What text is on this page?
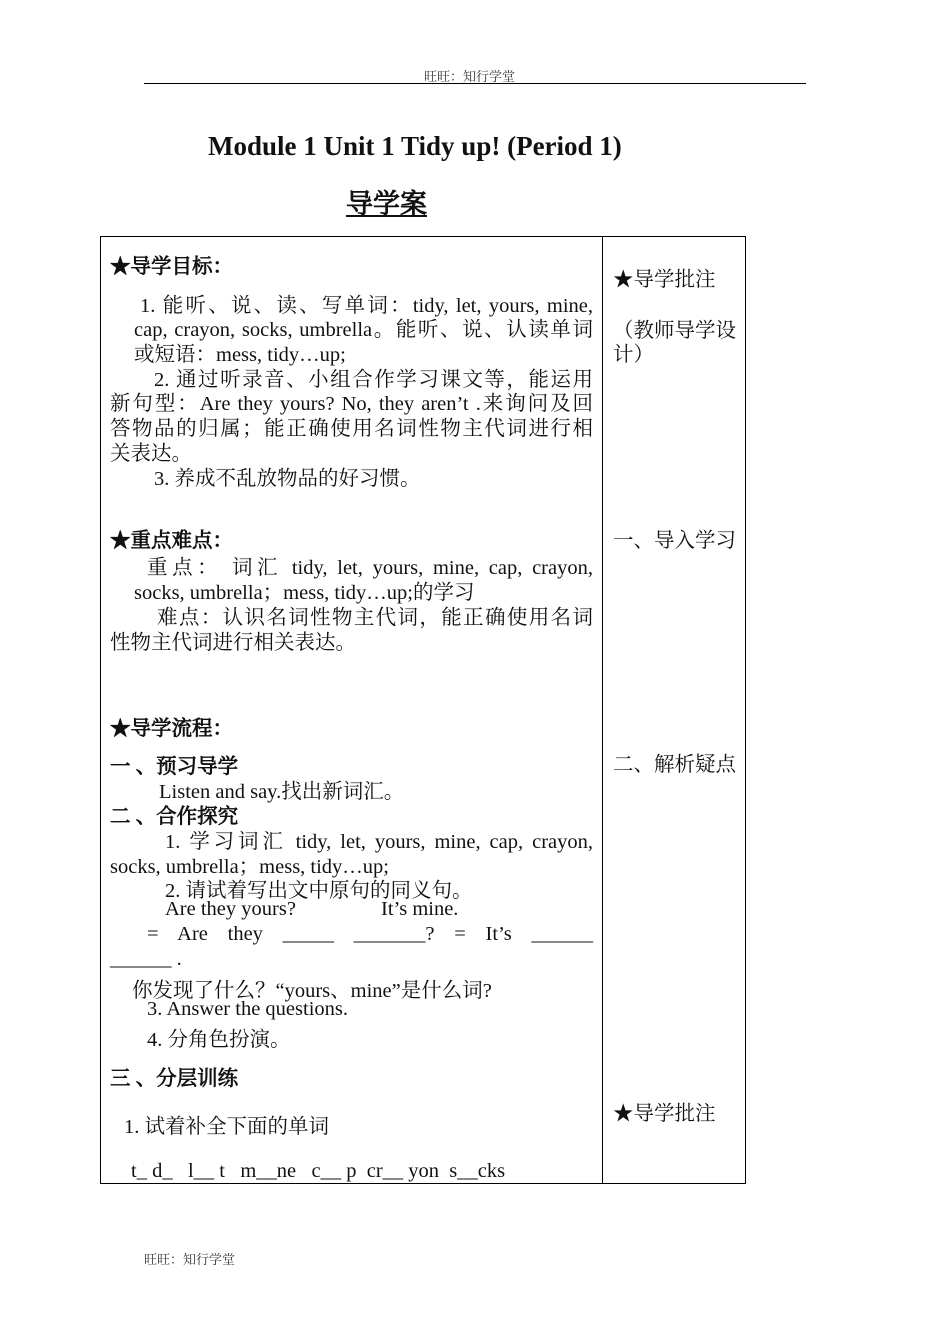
旺旺：知行学堂
Module 1 Unit 1 Tidy up! (Period 1)
导学案
★导学目标：
1. 能听、说、读、写单词：tidy, let, yours, mine,
cap, crayon, socks, umbrella。能听、说、认读单词
或短语：mess, tidy…up;
2. 通过听录音、小组合作学习课文等，能运用
新句型：Are they yours? No, they aren’t .来询问及回
答物品的归属；能正确使用名词性物主代词进行相
关表达。
3. 养成不乱放物品的好习惯。
★重点难点：
重点： 词汇 tidy, let, yours, mine, cap, crayon,
socks, umbrella；mess, tidy…up;的学习
难点：认识名词性物主代词，能正确使用名词
性物主代词进行相关表达。
★导学流程：
一 、预习导学
Listen and say.找出新词汇。
二 、合作探究
1. 学习词汇 tidy, let, yours, mine, cap, crayon,
socks, umbrella；mess, tidy…up;
2. 请试着写出文中原句的同义句。
Are they yours?	It’s mine.
= Are they _____ _______? = It’s ______
______ .
你发现了什么？“yours、mine”是什么词?
3. Answer the questions.
4. 分角色扮演。
三 、分层训练
1. 试着补全下面的单词
t_ d_   l__ t   m__ne   c__ p  cr__ yon  s__cks
★导学批注
（教师导学设
计）
一、导入学习
二、解析疑点
★导学批注
旺旺：知行学堂
